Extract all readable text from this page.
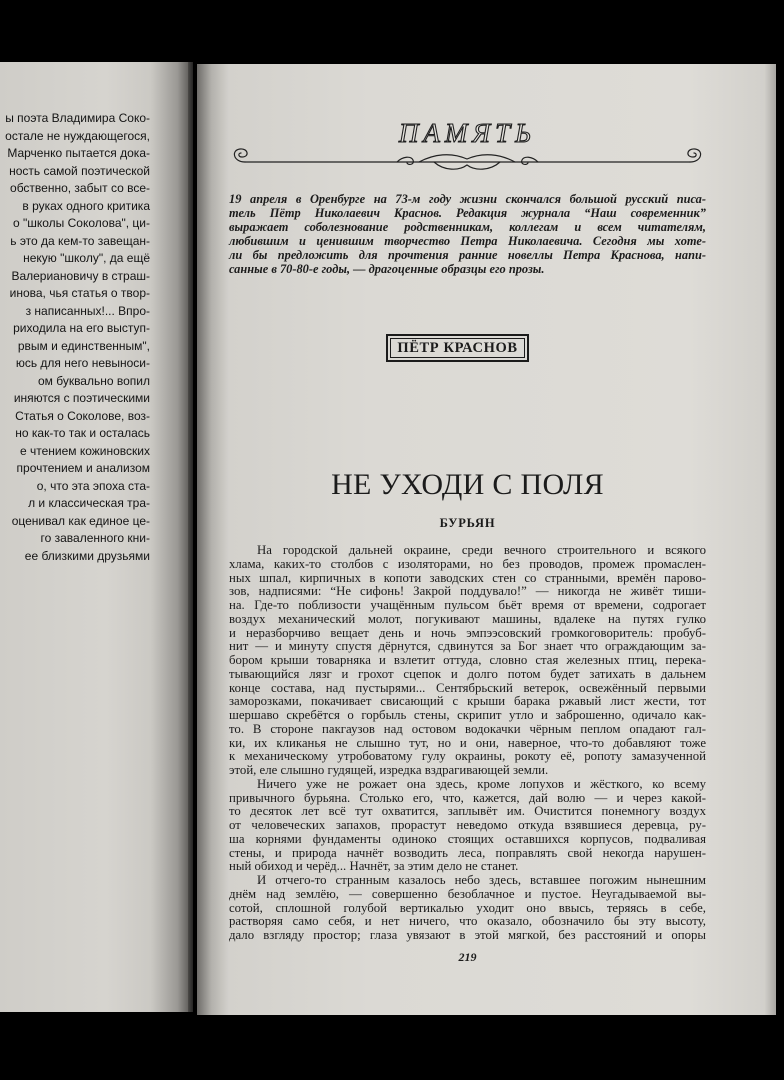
ы поэта Владимира Соко-
остале не нуждающегося,
Марченко пытается дока-
ность самой поэтической
обственно, забыт со все-
в руках одного критика
о "школы Соколова", ци-
ь это да кем-то завещан-
некую "школу", да ещё
Валериановичу в страш-
инова, чья статья о твор-
з написанных!... Впро-
риходила на его выступ-
рвым и единственным",
юсь для него невыноси-
ом буквально вопил
иняются с поэтическими
Статья о Соколове, воз-
но как-то так и осталась
е чтением кожиновских
прочтением и анализом
о, что эта эпоха ста-
л и классическая тра-
оценивал как единое це-
го заваленного кни-
ее близкими друзьями
ПАМЯТЬ
19 апреля в Оренбурге на 73-м году жизни скончался большой русский писа-
тель Пётр Николаевич Краснов. Редакция журнала “Наш современник”
выражает соболезнование родственникам, коллегам и всем читателям,
любившим и ценившим творчество Петра Николаевича. Сегодня мы хоте-
ли бы предложить для прочтения ранние новеллы Петра Краснова, напи-
санные в 70-80-е годы, — драгоценные образцы его прозы.
ПЁТР КРАСНОВ
НЕ УХОДИ С ПОЛЯ
БУРЬЯН
На городской дальней окраине, среди вечного строительного и всякого
хлама, каких-то столбов с изоляторами, но без проводов, промеж промаслен-
ных шпал, кирпичных в копоти заводских стен со странными, времён парово-
зов, надписями: “Не сифонь! Закрой поддувало!” — никогда не живёт тиши-
на. Где-то поблизости учащённым пульсом бьёт время от времени, содрогает
воздух механический молот, погукивают машины, вдалеке на путях гулко
и неразборчиво вещает день и ночь эмпээсовский громкоговоритель: пробуб-
нит — и минуту спустя дёрнутся, сдвинутся за Бог знает что ограждающим за-
бором крыши товарняка и взлетит оттуда, словно стая железных птиц, перека-
тывающийся лязг и грохот сцепок и долго потом будет затихать в дальнем
конце состава, над пустырями... Сентябрьский ветерок, освежённый первыми
заморозками, покачивает свисающий с крыши барака ржавый лист жести, тот
шершаво скребётся о горбыль стены, скрипит утло и заброшенно, одичало как-
то. В стороне пакгаузов над остовом водокачки чёрным пеплом опадают гал-
ки, их кликанья не слышно тут, но и они, наверное, что-то добавляют тоже
к механическому утробоватому гулу окраины, рокоту её, ропоту замазученной
этой, еле слышно гудящей, изредка вздрагивающей земли.
Ничего уже не рожает она здесь, кроме лопухов и жёсткого, ко всему
привычного бурьяна. Столько его, что, кажется, дай волю — и через какой-
то десяток лет всё тут охватится, заплывёт им. Очистится понемногу воздух
от человеческих запахов, прорастут неведомо откуда взявшиеся деревца, ру-
ша корнями фундаменты одиноко стоящих оставшихся корпусов, подваливая
стены, и природа начнёт возводить леса, поправлять свой некогда нарушен-
ный обиход и черёд... Начнёт, за этим дело не станет.
И отчего-то странным казалось небо здесь, вставшее погожим нынешним
днём над землёю, — совершенно безоблачное и пустое. Неугадываемой вы-
сотой, сплошной голубой вертикалью уходит оно ввысь, теряясь в себе,
растворяя само себя, и нет ничего, что оказало, обозначило бы эту высоту,
дало взгляду простор; глаза увязают в этой мягкой, без расстояний и опоры
219
